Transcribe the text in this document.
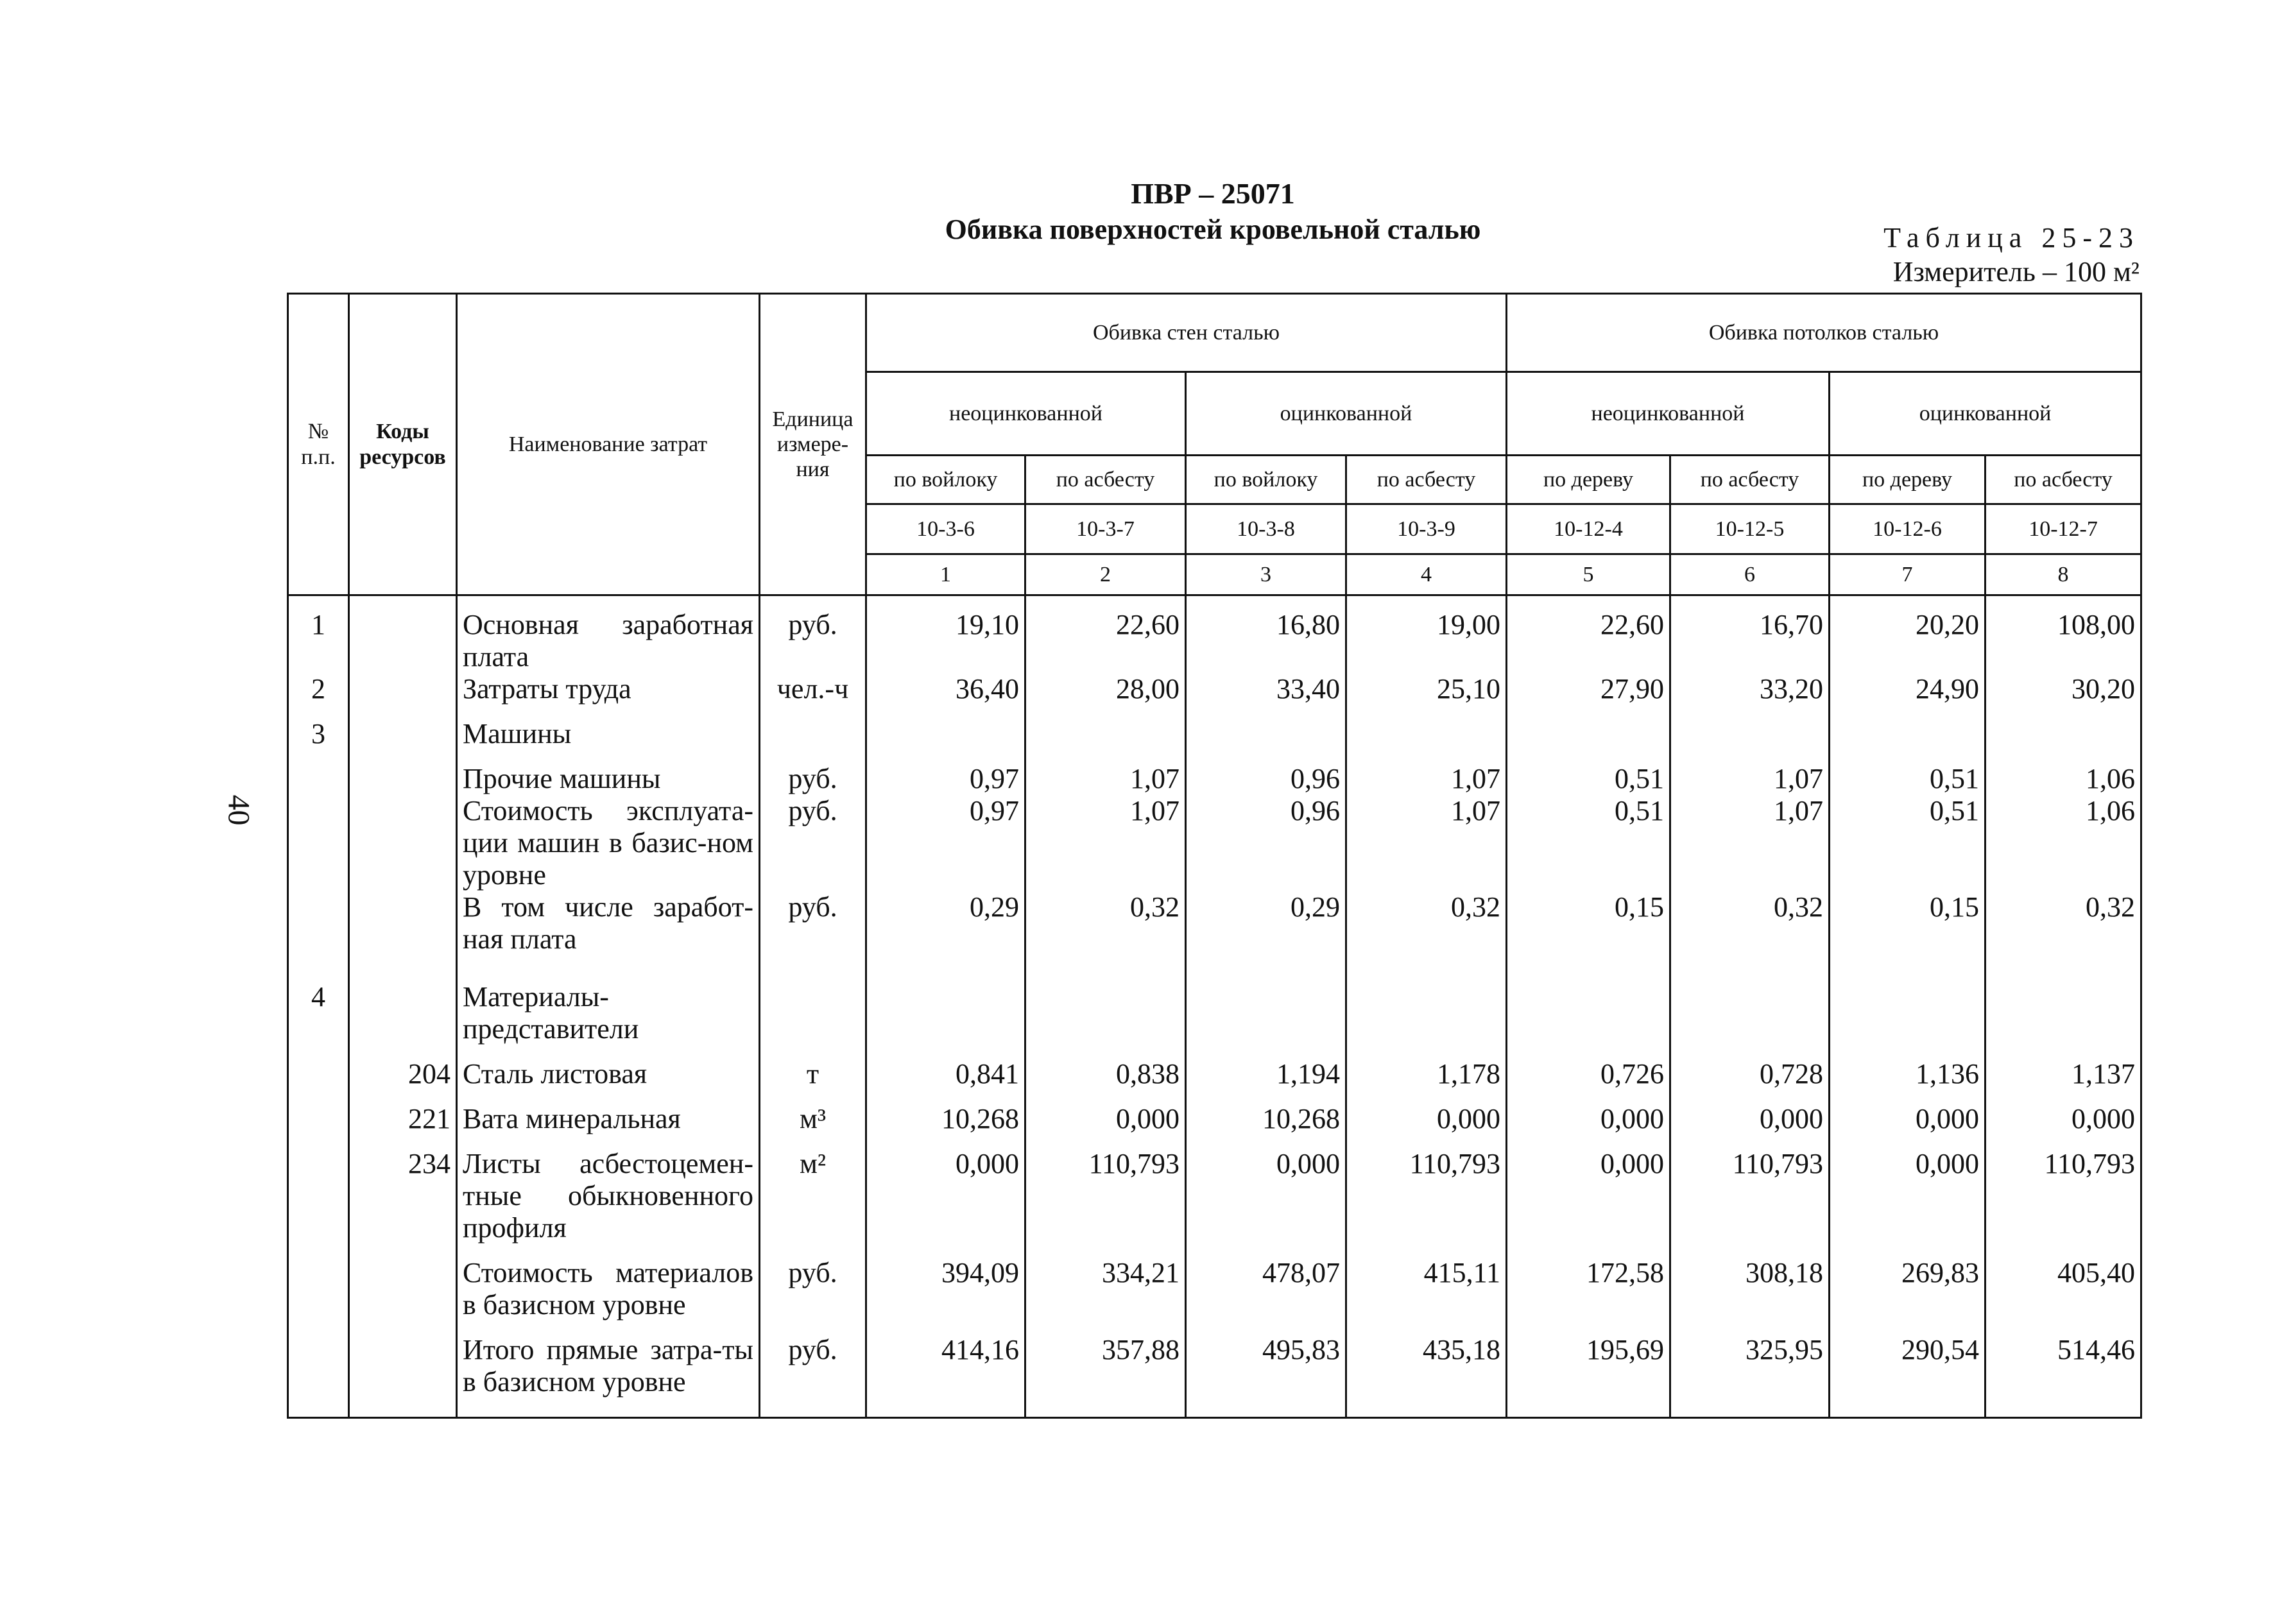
ПВР – 25071
Обивка поверхностей кровельной сталью	Таблица 25-23
Измеритель – 100 м²
40
№ п.п.	Коды ресурсов	Наименование затрат	Единица измере-ния	Обивка стен сталью				Обивка потолков сталью			
				неоцинкованной		оцинкованной		неоцинкованной		оцинкованной	
				по войлоку	по асбесту	по войлоку	по асбесту	по дереву	по асбесту	по дереву	по асбесту
				10-3-6	10-3-7	10-3-8	10-3-9	10-12-4	10-12-5	10-12-6	10-12-7
				1	2	3	4	5	6	7	8
1		Основная заработная плата	руб.	19,10	22,60	16,80	19,00	22,60	16,70	20,20	108,00
2		Затраты труда	чел.-ч	36,40	28,00	33,40	25,10	27,90	33,20	24,90	30,20
3		Машины									
		Прочие машины	руб.	0,97	1,07	0,96	1,07	0,51	1,07	0,51	1,06
		Стоимость эксплуата-ции машин в базис-ном уровне	руб.	0,97	1,07	0,96	1,07	0,51	1,07	0,51	1,06
		В том числе заработ-ная плата	руб.	0,29	0,32	0,29	0,32	0,15	0,32	0,15	0,32
4		Материалы-представители									
	204	Сталь листовая	т	0,841	0,838	1,194	1,178	0,726	0,728	1,136	1,137
	221	Вата минеральная	м³	10,268	0,000	10,268	0,000	0,000	0,000	0,000	0,000
	234	Листы асбестоцемен-тные обыкновенного профиля	м²	0,000	110,793	0,000	110,793	0,000	110,793	0,000	110,793
		Стоимость материалов в базисном уровне	руб.	394,09	334,21	478,07	415,11	172,58	308,18	269,83	405,40
		Итого прямые затра-ты в базисном уровне	руб.	414,16	357,88	495,83	435,18	195,69	325,95	290,54	514,46
